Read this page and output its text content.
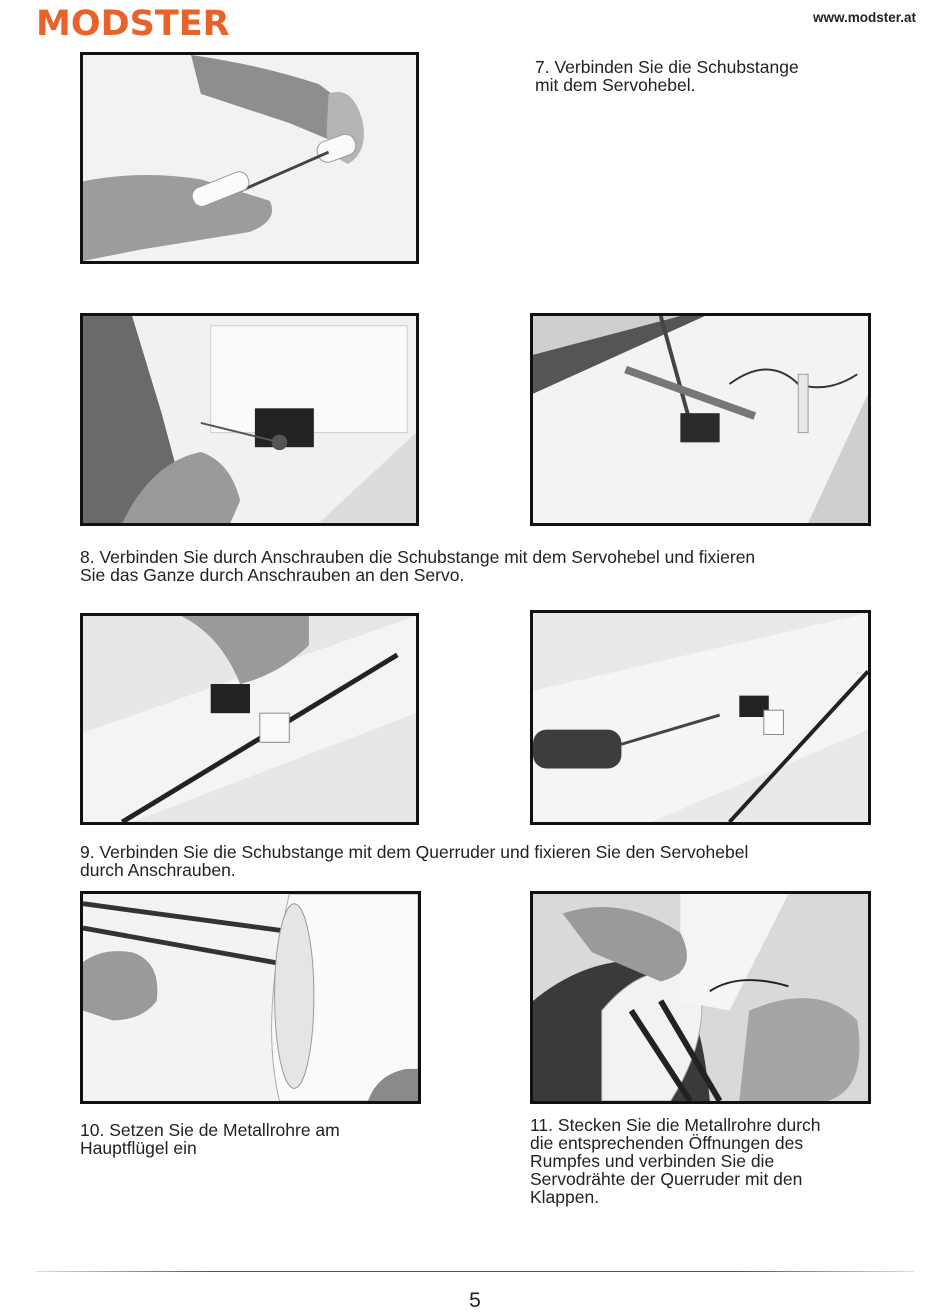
MODSTER	www.modster.at
7. Verbinden Sie die Schubstange
mit dem Servohebel.
8. Verbinden Sie durch Anschrauben die Schubstange mit dem Servohebel und fixieren
Sie das Ganze durch Anschrauben an den Servo.
9. Verbinden Sie die Schubstange mit dem Querruder und fixieren Sie den Servohebel
durch Anschrauben.
10. Setzen Sie de Metallrohre am
Hauptflügel ein
11. Stecken Sie die Metallrohre durch
die entsprechenden Öffnungen des
Rumpfes und verbinden Sie die
Servodrähte der Querruder mit den
Klappen.
5
